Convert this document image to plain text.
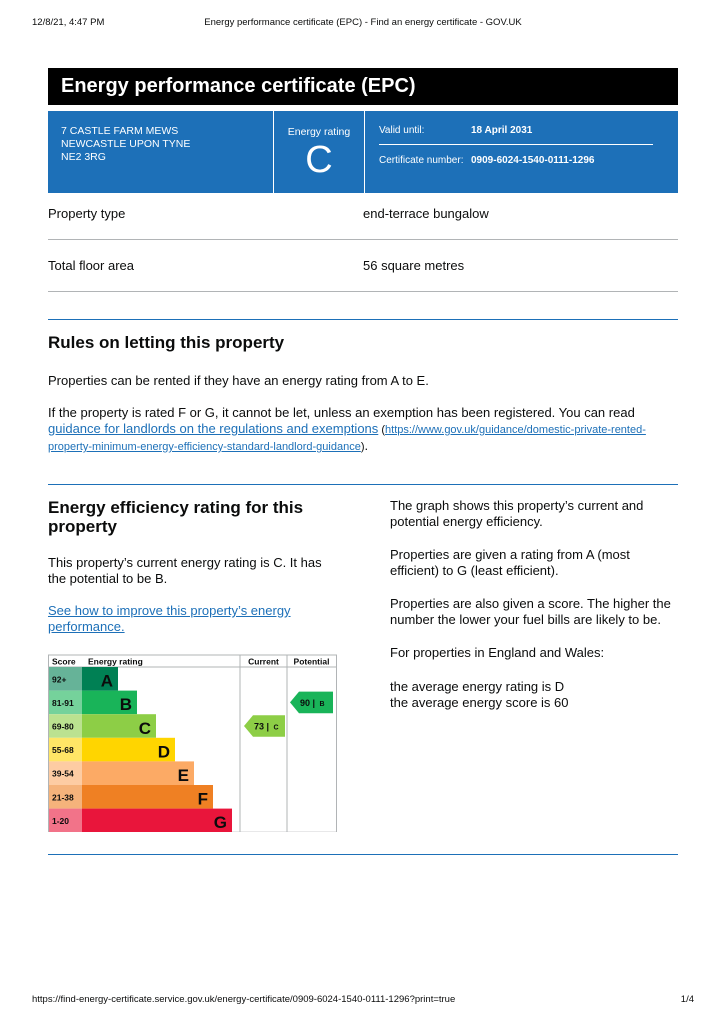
12/8/21, 4:47 PM	Energy performance certificate (EPC) - Find an energy certificate - GOV.UK
Energy performance certificate (EPC)
7 CASTLE FARM MEWS
NEWCASTLE UPON TYNE
NE2 3RG
Energy rating
C
Valid until:	18 April 2031
Certificate number: 0909-6024-1540-0111-1296
Property type	end-terrace bungalow
Total floor area	56 square metres
Rules on letting this property

Properties can be rented if they have an energy rating from A to E.

If the property is rated F or G, it cannot be let, unless an exemption has been registered. You can read guidance for landlords on the regulations and exemptions (https://www.gov.uk/guidance/domestic-private-rented-property-minimum-energy-efficiency-standard-landlord-guidance).

Energy efficiency rating for this property

This property’s current energy rating is C. It has the potential to be B.

See how to improve this property’s energy performance.

The graph shows this property’s current and potential energy efficiency.

Properties are given a rating from A (most efficient) to G (least efficient).

Properties are also given a score. The higher the number the lower your fuel bills are likely to be.

For properties in England and Wales:

the average energy rating is D

the average energy score is 60

Score Energy rating	Current Potential
92+ A
81-91	B
69-80	C
55-68	D
39-54	E
21-38	F
1-20	G
73 | C
90 | B
https://find-energy-certificate.service.gov.uk/energy-certificate/0909-6024-1540-0111-1296?print=true	1/4
